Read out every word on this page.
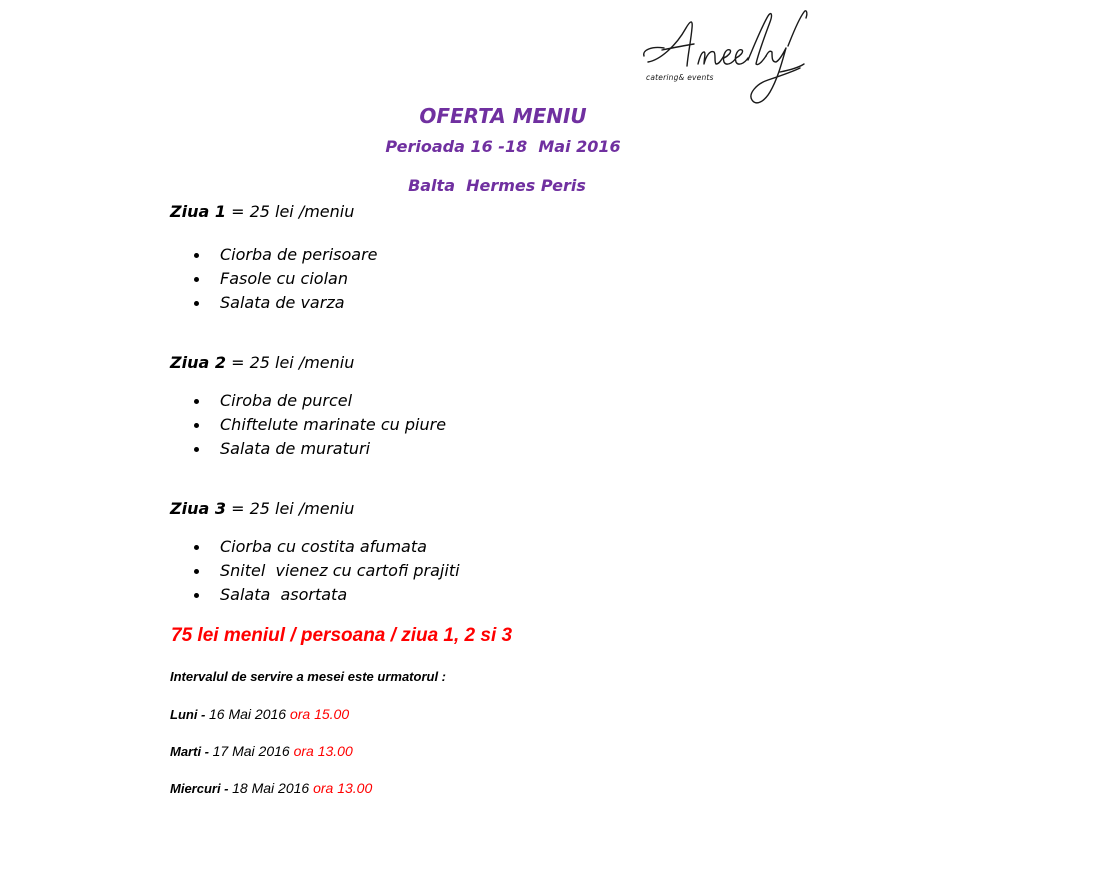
catering& events
OFERTA MENIU
Perioada 16 -18  Mai 2016
Balta  Hermes Peris
Ziua 1 = 25 lei /meniu
Ciorba de perisoare
Fasole cu ciolan
Salata de varza
Ziua 2 = 25 lei /meniu
Ciroba de purcel
Chiftelute marinate cu piure
Salata de muraturi
Ziua 3 = 25 lei /meniu
Ciorba cu costita afumata
Snitel  vienez cu cartofi prajiti
Salata  asortata
75 lei meniul / persoana / ziua 1, 2 si 3
Intervalul de servire a mesei este urmatorul :
Luni - 16 Mai 2016 ora 15.00
Marti - 17 Mai 2016 ora 13.00
Miercuri - 18 Mai 2016 ora 13.00
